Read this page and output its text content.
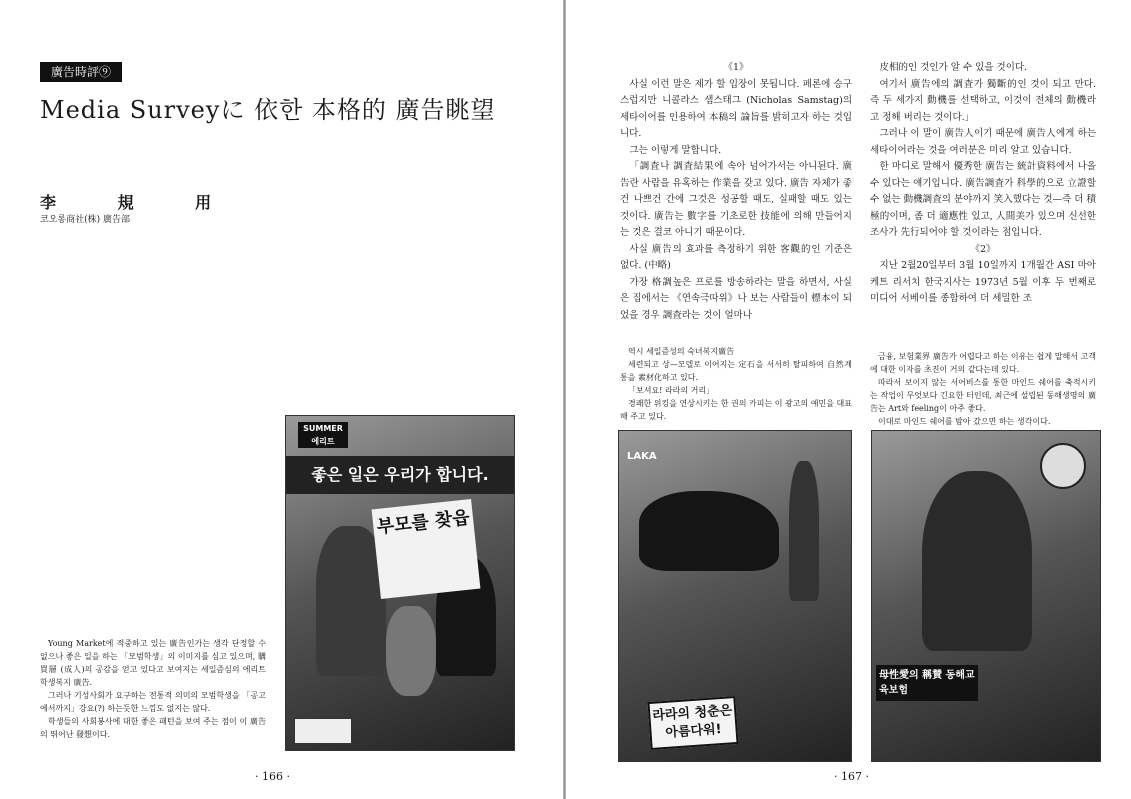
廣告時評⑨
Media Surveyに 依한 本格的 廣告眺望
李 規 用
코오롱商社(株) 廣告部
SUMMER 에리트
좋은 일은 우리가 합니다.
부모를 찾읍

Young Market에 적중하고 있는 廣告인가는 생각 단정할 수 없으나 좋은 일을 하는 「모범학생」의 이미지를 심고 있으며, 購買層 (成人)의 공감을 얻고 있다고 보여지는 세일즘심의 에리트 학생복지 廣告.

그러나 기성사회가 요구하는 전통적 의미의 모범학생을 「공고에서까지」강요(?) 하는듯한 느낌도 없지는 않다.

학생들의 사회봉사에 대한 좋은 패턴을 보여 주는 점이 이 廣告의 뛰어난 發想이다.

· 166 ·

《1》

사실 이런 말은 제가 할 입장이 못됩니다. 페론에 승구스럽지만 니콜라스 샘스태그 (Nicholas Samstag)의 세타이어를 인용하여 本稿의 論旨를 밝히고자 하는 것입니다.

그는 이렇게 말합니다.

「調査나 調査結果에 속아 넘어가서는 아니된다. 廣告란 사람을 유혹하는 作業을 갖고 있다. 廣告 자체가 좋건 나쁘건 간에 그것은 성공할 때도, 실패할 때도 있는 것이다. 廣告는 數字를 기초로한 技能에 의해 만들어지는 것은 결코 아니기 때문이다.

사실 廣告의 효과를 측정하기 위한 客觀的인 기준은 없다. (中略)

가장 格調높은 프로를 방송하라는 말을 하면서, 사실은 집에서는 《연속극따위》나 보는 사람들이 標本이 되었을 경우 調査라는 것이 얼마나

皮相的인 것인가 알 수 있을 것이다.

여기서 廣告에의 調査가 獨斷的인 것이 되고 만다. 즉 두 세가지 動機를 선택하고, 이것이 전체의 動機라고 정해 버리는 것이다.」

그러나 이 말이 廣告人이기 때문에 廣告人에게 하는 세타이어라는 것을 여러분은 미리 알고 있습니다.

한 마디로 말해서 優秀한 廣告는 統計資料에서 나올 수 있다는 얘기입니다. 廣告調査가 科學的으로 立證할 수 없는 動機調査의 분야까지 笑入했다는 것—즉 더 積極的이며, 좀 더 適應性 있고, 人間美가 있으며 신선한 조사가 先行되어야 할 것이라는 점입니다.

《2》

지난 2월20일부터 3월 10일까지 1개월간 ASI 마아케트 리서치 한국지사는 1973년 5월 이후 두 번째로 미디어 서베이를 종합하여 더 세밀한 조

역시 세일즘성의 숙녀복지廣告

세련되고 상—모델로 이어지는 定石을 서서히 탈피하여 自然계통을 素材化하고 있다.

「보셔요! 라라의 거리」

경쾌한 위킹을 연상시키는 한 권의 카피는 이 광고의 예민을 대표해 주고 있다.

금융, 보험業界 廣告가 어렵다고 하는 이유는 쉽게 말해서 고객에 대한 이자를 초진이 거의 같다는데 있다.

따라서 보이지 않는 서어비스를 통한 마인드 쉐어를 축적시키는 작업이 무엇보다 긴요한 터인데, 최근에 설립된 동해생명의 廣告는 Art와 feeling이 아주 좋다.

이대로 마인드 쉐어를 밤아 갔으면 하는 생각이다.

LAKA
라라의 청춘은 아름다워!
母性愛의 稱賛 동해교육보험
· 167 ·
